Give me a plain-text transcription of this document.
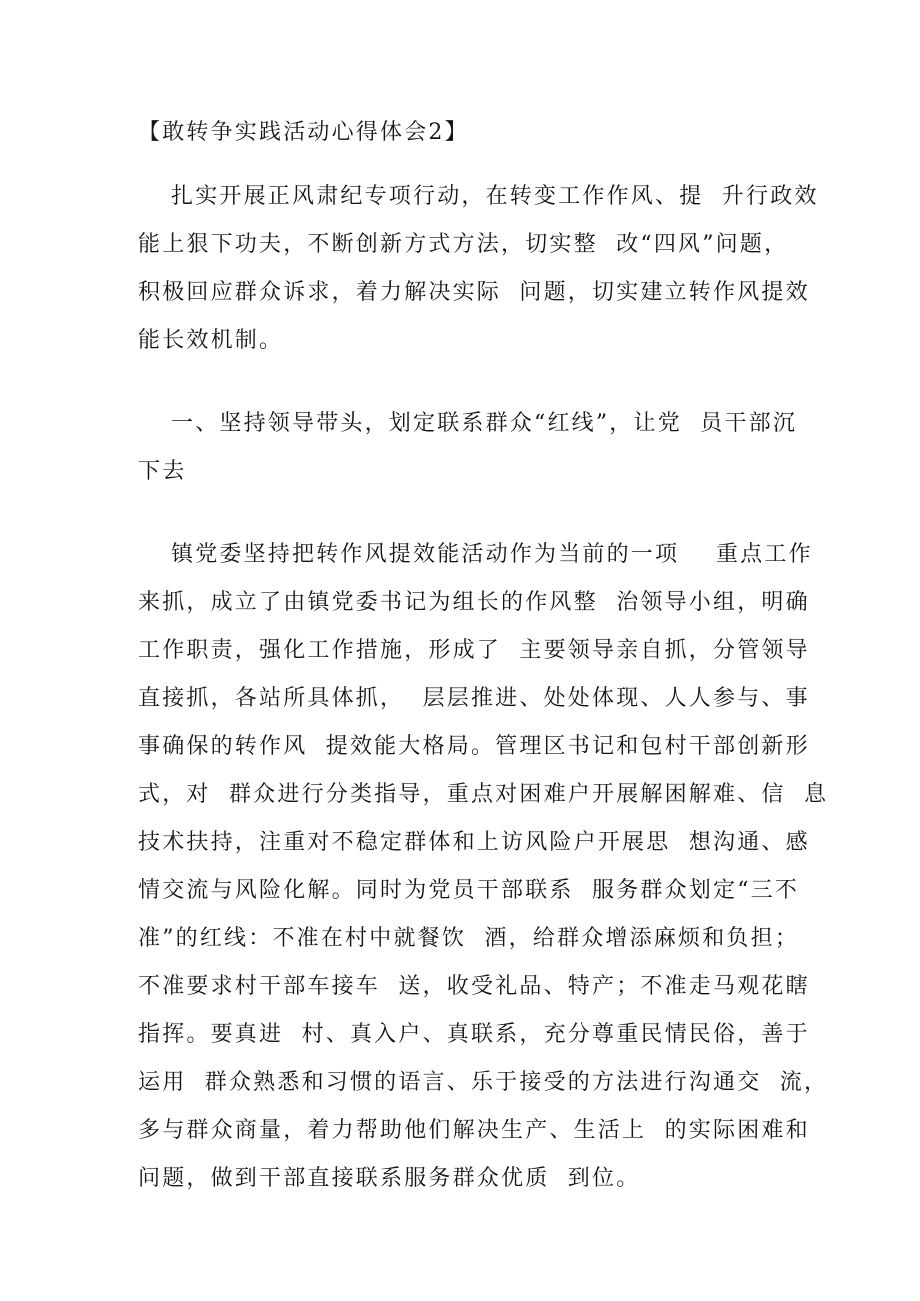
【敢转争实践活动心得体会2】

扎实开展正风肃纪专项行动，在转变工作作风、提  升行政效

能上狠下功夫，不断创新方式方法，切实整  改“四风”问题，

积极回应群众诉求，着力解决实际  问题，切实建立转作风提效

能长效机制。

一、坚持领导带头，划定联系群众“红线”，让党  员干部沉

下去

镇党委坚持把转作风提效能活动作为当前的一项    重点工作

来抓，成立了由镇党委书记为组长的作风整  治领导小组，明确

工作职责，强化工作措施，形成了  主要领导亲自抓，分管领导

直接抓，各站所具体抓，  层层推进、处处体现、人人参与、事

事确保的转作风  提效能大格局。管理区书记和包村干部创新形

式，对  群众进行分类指导，重点对困难户开展解困解难、信  息

技术扶持，注重对不稳定群体和上访风险户开展思  想沟通、感

情交流与风险化解。同时为党员干部联系  服务群众划定“三不

准”的红线：不准在村中就餐饮  酒，给群众增添麻烦和负担；

不准要求村干部车接车  送，收受礼品、特产；不准走马观花瞎

指挥。要真进  村、真入户、真联系，充分尊重民情民俗，善于

运用  群众熟悉和习惯的语言、乐于接受的方法进行沟通交  流，

多与群众商量，着力帮助他们解决生产、生活上  的实际困难和

问题，做到干部直接联系服务群众优质  到位。
